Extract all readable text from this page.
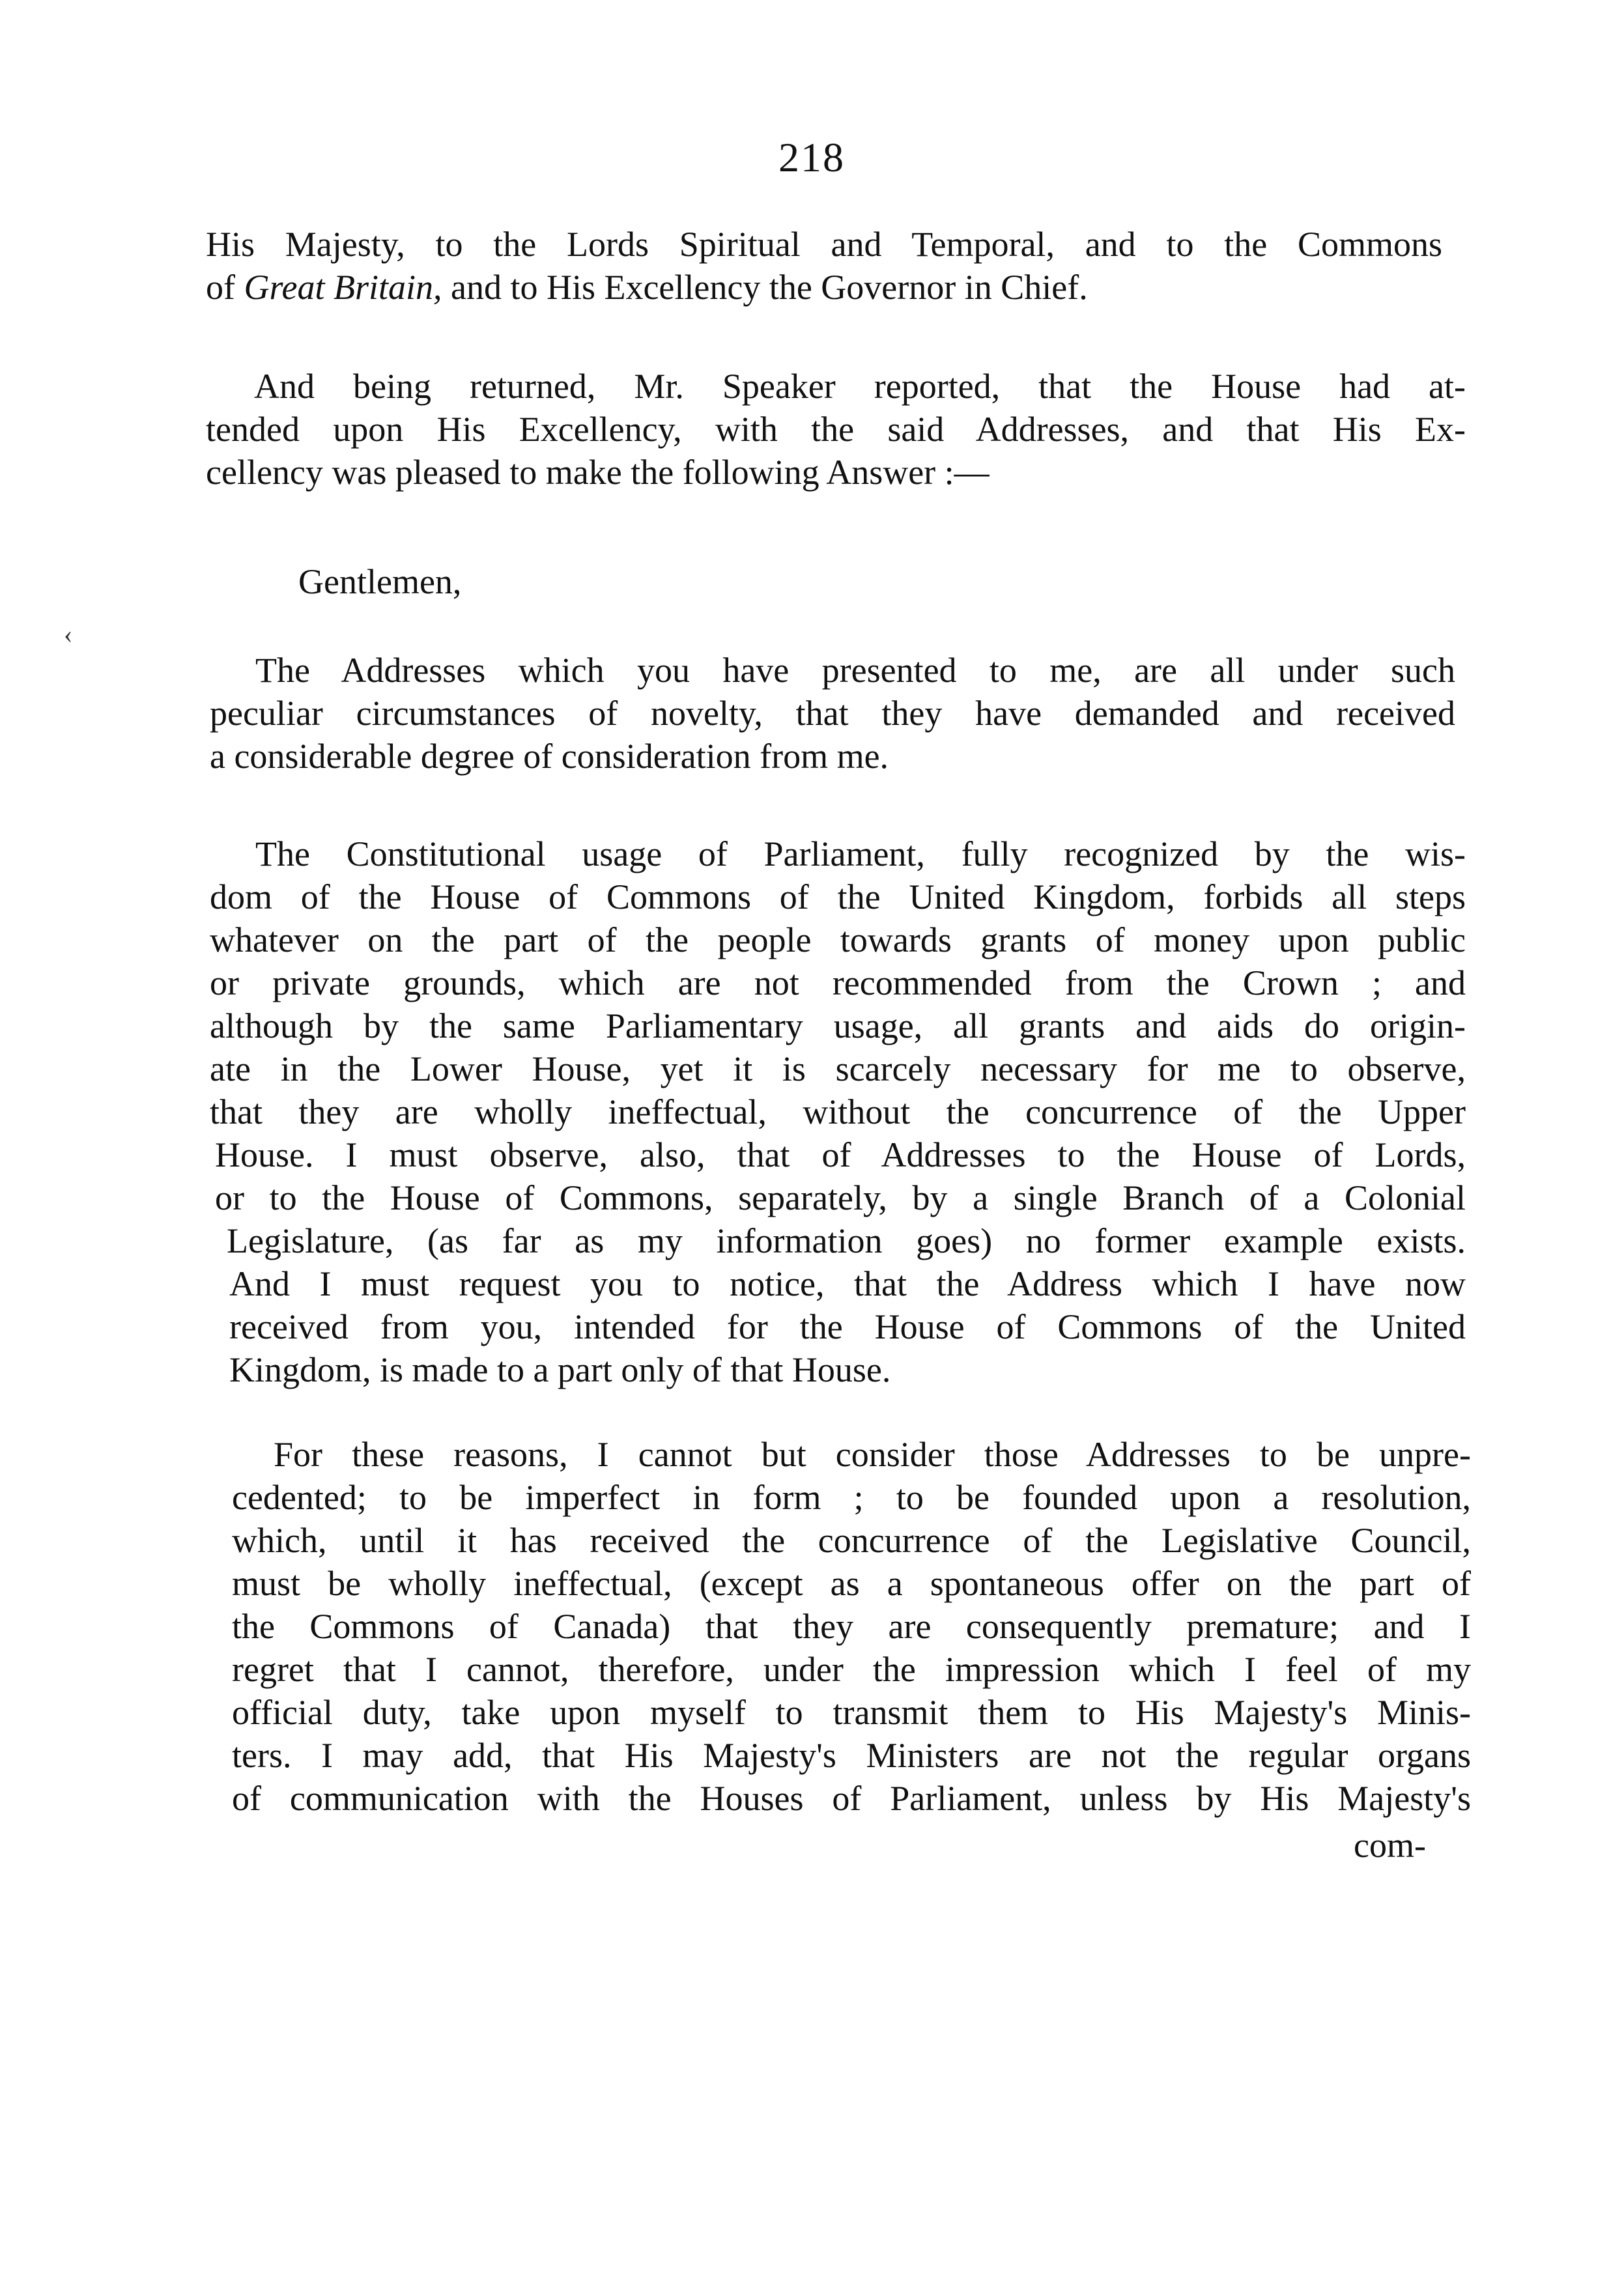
218
His Majesty, to the Lords Spiritual and Temporal, and to the Commons
of Great Britain, and to His Excellency the Governor in Chief.
And being returned, Mr. Speaker reported, that the House had at-
tended upon His Excellency, with the said Addresses, and that His Ex-
cellency was pleased to make the following Answer :—
Gentlemen,
‹
The Addresses which you have presented to me, are all under such
peculiar circumstances of novelty, that they have demanded and received
a considerable degree of consideration from me.
The Constitutional usage of Parliament, fully recognized by the wis-
dom of the House of Commons of the United Kingdom, forbids all steps
whatever on the part of the people towards grants of money upon public
or private grounds, which are not recommended from the Crown ; and
although by the same Parliamentary usage, all grants and aids do origin-
ate in the Lower House, yet it is scarcely necessary for me to observe,
that they are wholly ineffectual, without the concurrence of the Upper
House. I must observe, also, that of Addresses to the House of Lords,
or to the House of Commons, separately, by a single Branch of a Colonial
Legislature, (as far as my information goes) no former example exists.
And I must request you to notice, that the Address which I have now
received from you, intended for the House of Commons of the United
Kingdom, is made to a part only of that House.
For these reasons, I cannot but consider those Addresses to be unpre-
cedented; to be imperfect in form ; to be founded upon a resolution,
which, until it has received the concurrence of the Legislative Council,
must be wholly ineffectual, (except as a spontaneous offer on the part of
the Commons of Canada) that they are consequently premature; and I
regret that I cannot, therefore, under the impression which I feel of my
official duty, take upon myself to transmit them to His Majesty's Minis-
ters. I may add, that His Majesty's Ministers are not the regular organs
of communication with the Houses of Parliament, unless by His Majesty's
com-
